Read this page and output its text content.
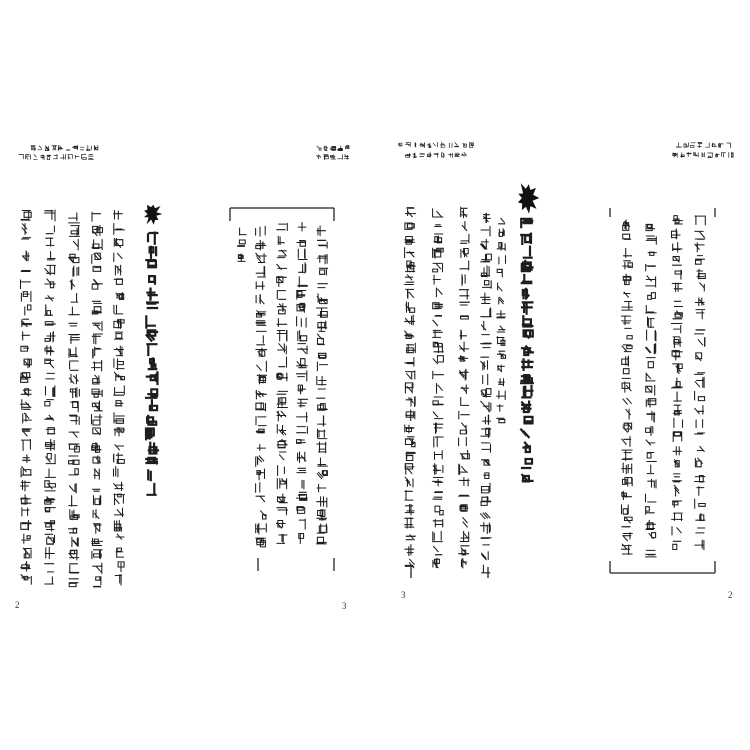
2	3
3	2
